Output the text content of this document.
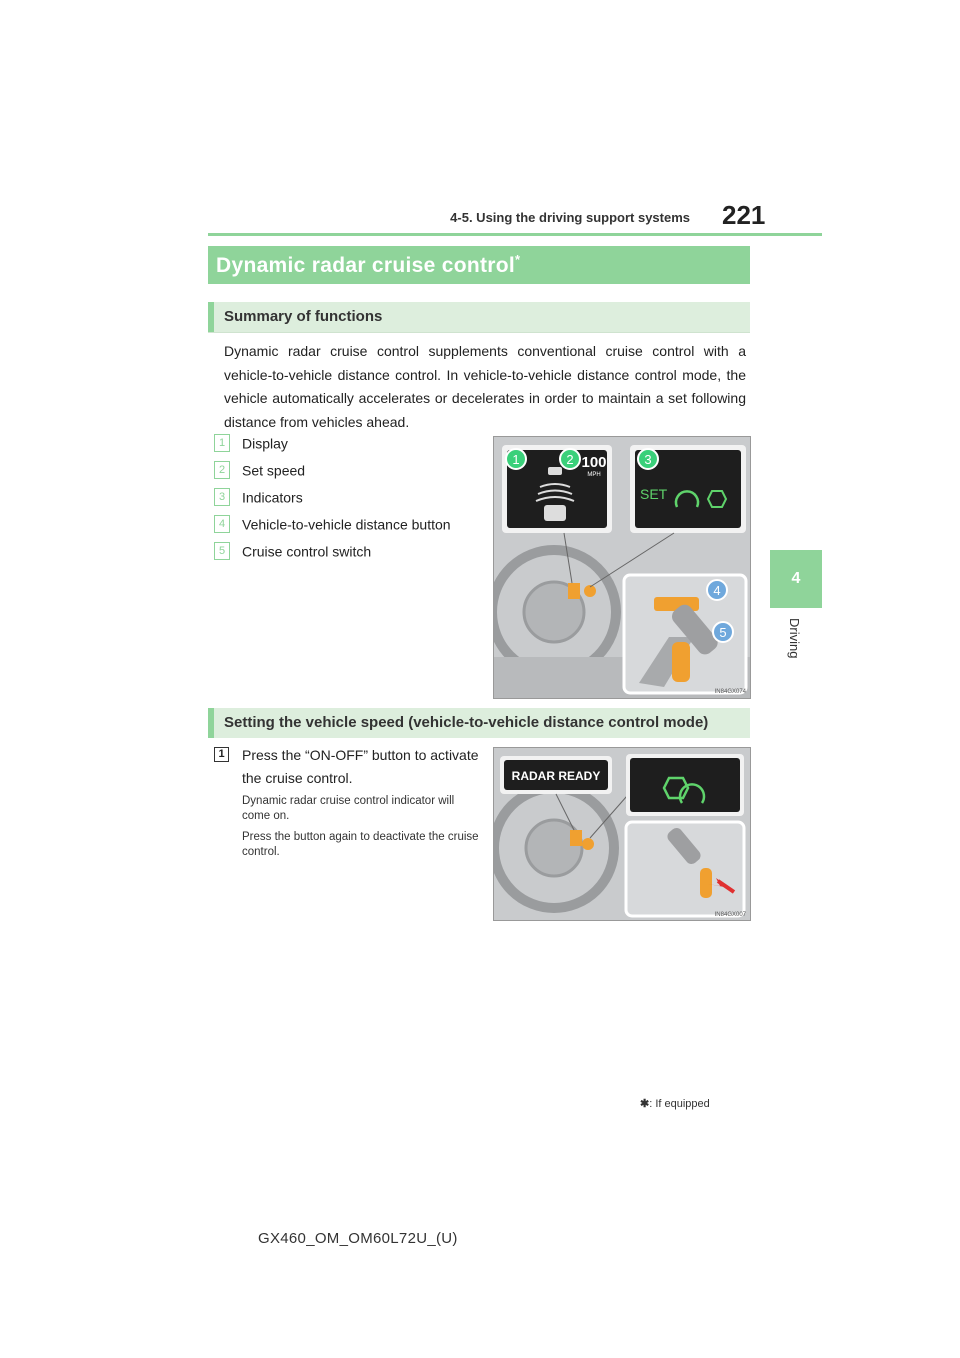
4-5. Using the driving support systems 221
4
Driving
Dynamic radar cruise control*
Summary of functions
Dynamic radar cruise control supplements conventional cruise control with a vehicle-to-vehicle distance control. In vehicle-to-vehicle distance control mode, the vehicle automatically accelerates or decelerates in order to maintain a set following distance from vehicles ahead.
1 Display
2 Set speed
3 Indicators
4 Vehicle-to-vehicle distance button
5 Cruise control switch
1	2 100
MPH
3
SET
4
5
IN84GX074
Setting the vehicle speed (vehicle-to-vehicle distance control mode)
1	Press the “ON-OFF” button to activate the cruise control.
Dynamic radar cruise control indicator will come on.
Press the button again to deactivate the cruise control.
RADAR READY
IN84GX007
✱: If equipped
GX460_OM_OM60L72U_(U)
